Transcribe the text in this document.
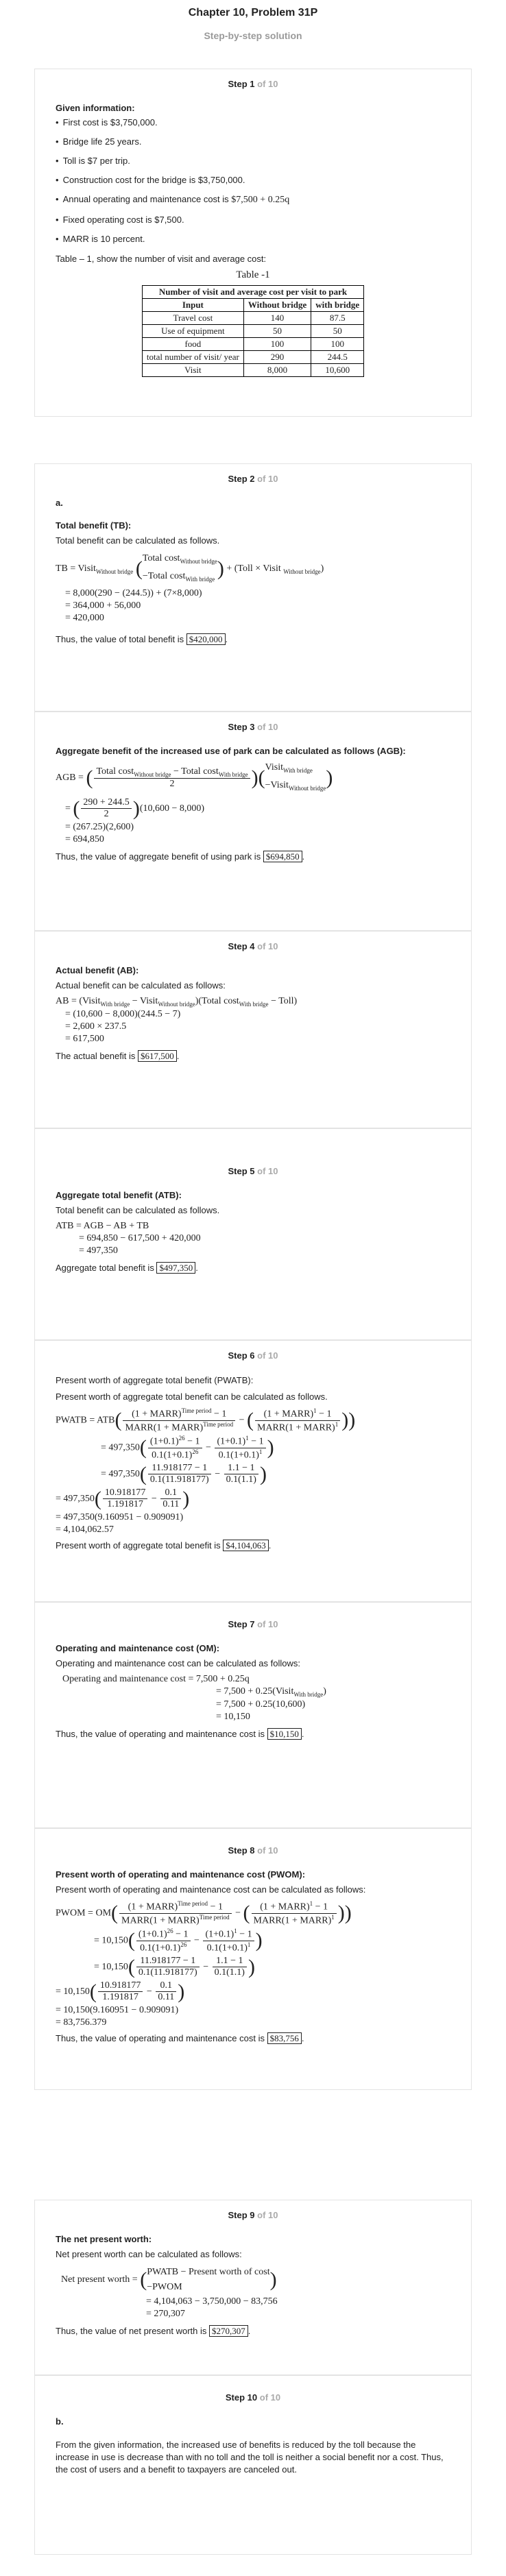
Chapter 10, Problem 31P
Step-by-step solution
Step 1 of 10
Given information:
• First cost is $3,750,000.
• Bridge life 25 years.
• Toll is $7 per trip.
• Construction cost for the bridge is $3,750,000.
• Annual operating and maintenance cost is $7,500 + 0.25q
• Fixed operating cost is $7,500.
• MARR is 10 percent.
Table – 1, show the number of visit and average cost:
Table -1
Number of visit and average cost per visit to park		
Input	Without bridge	with bridge
Travel cost	140	87.5
Use of equipment	50	50
food	100	100
total number of visit/ year	290	244.5
Visit	8,000	10,600
Step 2 of 10
a.
Total benefit (TB):
Total benefit can be calculated as follows.
TB = Visit$_{Without bridge}$ (Total cost$_{Without bridge}$
−Total cost$_{With bridge}$ ) + (Toll × Visit $_{Without bridge}$)
= 8,000(290 − (244.5)) + (7×8,000)
= 364,000 + 56,000
= 420,000
Thus, the value of total benefit is $420,000 .
Step 3 of 10
Aggregate benefit of the increased use of park can be calculated as follows (AGB):
AGB = ( $\frac{Total \cos t_{Without bridge} - Total \cos t_{With bridge}}{2}$ )(Visit$_{With bridge}$
−Visit$_{Without bridge}$)
= ( $\frac{290 + 244.5}{2} )(10,600 - 8,000)$
= (267.25)(2,600)
= 694,850
Thus, the value of aggregate benefit of using park is $694,850 .
Step 4 of 10
Actual benefit (AB):
Actual benefit can be calculated as follows:
AB = (Visit$_{With bridge}$ − Visit$_{Without bridge}$)(Total cost$_{With bridge}$ − Toll)
= (10,600 − 8,000)(244.5 − 7)
= 2,600 × 237.5
= 617,500
The actual benefit is $617,500 .
Step 5 of 10
Aggregate total benefit (ATB):
Total benefit can be calculated as follows.
ATB = AGB − AB + TB
= 694,850 − 617,500 + 420,000
= 497,350
Aggregate total benefit is $497,350 .
Step 6 of 10
Present worth of aggregate total benefit (PWATB):
Present worth of aggregate total benefit can be calculated as follows.
PWATB = $ATB( \frac{(1 + MARR)^{Time period} - 1}{MARR(1 + MARR)^{Time period}}$ − ( $\frac{(1 + MARR)^1 - 1}{MARR(1 + MARR)^1}$ ))
= $497,350( \frac{(1+0.1)^{26} - 1}{0.1(1+0.1)^{26}} - \frac{(1+0.1)^1 - 1}{0.1(1+0.1)^1}$ )
= $497,350( \frac{11.918177 - 1}{0.1(11.918177)} - \frac{1.1 - 1}{0.1(1.1)}$ )
= $497,350( \frac{10.918177}{1.191817} - \frac{0.1}{0.11}$ )
= 497,350(9.160951 − 0.909091)
= 4,104,062.57
Present worth of aggregate total benefit is $4,104,063 .
Step 7 of 10
Operating and maintenance cost (OM):
Operating and maintenance cost can be calculated as follows:
Operating and maintenance cost = 7,500 + 0.25q
= 7,500 + 0.25(Visit$_{With bridge}$)
= 7,500 + 0.25(10,600)
= 10,150
Thus, the value of operating and maintenance cost is $10,150 .
Step 8 of 10
Present worth of operating and maintenance cost (PWOM):
Present worth of operating and maintenance cost can be calculated as follows:
PWOM = $OM( \frac{(1 + MARR)^{Time period} - 1}{MARR(1 + MARR)^{Time period}}$ − ( $\frac{(1 + MARR)^1 - 1}{MARR(1 + MARR)^1}$ ))
= $10,150( \frac{(1+0.1)^{26} - 1}{0.1(1+0.1)^{26}} - \frac{(1+0.1)^1 - 1}{0.1(1+0.1)^1}$ )
= $10,150( \frac{11.918177 - 1}{0.1(11.918177)} - \frac{1.1 - 1}{0.1(1.1)}$ )
= $10,150( \frac{10.918177}{1.191817} - \frac{0.1}{0.11}$ )
= 10,150(9.160951 − 0.909091)
= 83,756.379
Thus, the value of operating and maintenance cost is $83,756 .
Step 9 of 10
The net present worth:
Net present worth can be calculated as follows:
Net present worth = (PWATB − Present worth of cost
−PWOM	)
= 4,104,063 − 3,750,000 − 83,756
= 270,307
Thus, the value of net present worth is $270,307 .
Step 10 of 10
b.
From the given information, the increased use of benefits is reduced by the toll because the increase in use is decrease than with no toll and the toll is neither a social benefit nor a cost. Thus, the cost of users and a benefit to taxpayers are canceled out.
